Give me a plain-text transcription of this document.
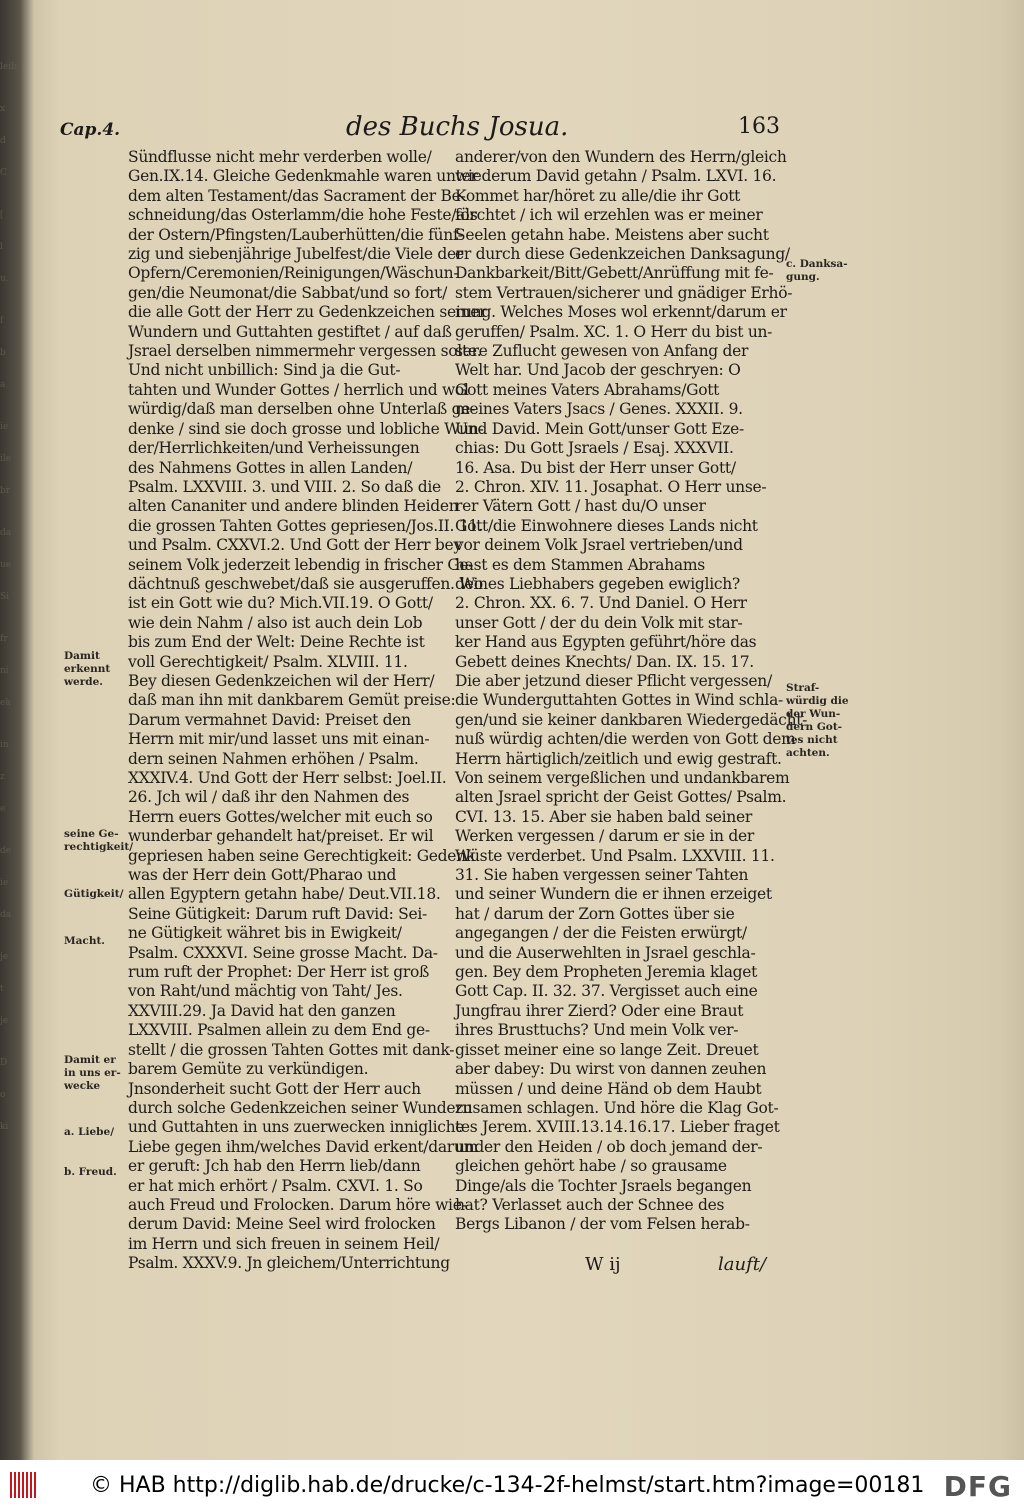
leib
x
d
C
[
l
u.
f
b
a
ie
ile
br
da
ue
Si
fr
ni
ek
in
z
e
de
ie
da
je
t
je
D
o
ki
Cap.4.	des Buchs Josua.	163
Sündflusse nicht mehr verderben wolle/
Gen.IX.14. Gleiche Gedenkmahle waren unter
dem alten Testament/das Sacrament der Be-
schneidung/das Osterlamm/die hohe Feste/als
der Ostern/Pfingsten/Lauberhütten/die fünf-
zig und siebenjährige Jubelfest/die Viele der
Opfern/Ceremonien/Reinigungen/Wäschun-
gen/die Neumonat/die Sabbat/und so fort/
die alle Gott der Herr zu Gedenkzeichen seiner
Wundern und Guttahten gestiftet / auf daß
Jsrael derselben nimmermehr vergessen solte.
Und nicht unbillich: Sind ja die Gut-
tahten und Wunder Gottes / herrlich und wol
würdig/daß man derselben ohne Unterlaß ge-
denke / sind sie doch grosse und lobliche Wun-
der/Herrlichkeiten/und Verheissungen
des Nahmens Gottes in allen Landen/
Psalm. LXXVIII. 3. und VIII. 2. So daß die
alten Cananiter und andere blinden Heiden
die grossen Tahten Gottes gepriesen/Jos.II. 11.
und Psalm. CXXVI.2. Und Gott der Herr bey
seinem Volk jederzeit lebendig in frischer Ge-
dächtnuß geschwebet/daß sie ausgeruffen. Wo
ist ein Gott wie du? Mich.VII.19. O Gott/
wie dein Nahm / also ist auch dein Lob
bis zum End der Welt: Deine Rechte ist
voll Gerechtigkeit/ Psalm. XLVIII. 11.
Bey diesen Gedenkzeichen wil der Herr/
daß man ihn mit dankbarem Gemüt preise:
Darum vermahnet David: Preiset den
Herrn mit mir/und lasset uns mit einan-
dern seinen Nahmen erhöhen / Psalm.
XXXIV.4. Und Gott der Herr selbst: Joel.II.
26. Jch wil / daß ihr den Nahmen des
Herrn euers Gottes/welcher mit euch so
wunderbar gehandelt hat/preiset. Er wil
gepriesen haben seine Gerechtigkeit: Gedenk
was der Herr dein Gott/Pharao und
allen Egyptern getahn habe/ Deut.VII.18.
Seine Gütigkeit: Darum ruft David: Sei-
ne Gütigkeit währet bis in Ewigkeit/
Psalm. CXXXVI. Seine grosse Macht. Da-
rum ruft der Prophet: Der Herr ist groß
von Raht/und mächtig von Taht/ Jes.
XXVIII.29. Ja David hat den ganzen
LXXVIII. Psalmen allein zu dem End ge-
stellt / die grossen Tahten Gottes mit dank-
barem Gemüte zu verkündigen.
Jnsonderheit sucht Gott der Herr auch
durch solche Gedenkzeichen seiner Wundern
und Guttahten in uns zuerwecken innigliche
Liebe gegen ihm/welches David erkent/darum
er geruft: Jch hab den Herrn lieb/dann
er hat mich erhört / Psalm. CXVI. 1. So
auch Freud und Frolocken. Darum höre wie-
derum David: Meine Seel wird frolocken
im Herrn und sich freuen in seinem Heil/
Psalm. XXXV.9. Jn gleichem/Unterrichtung
anderer/von den Wundern des Herrn/gleich
wiederum David getahn / Psalm. LXVI. 16.
Kommet har/höret zu alle/die ihr Gott
förchtet / ich wil erzehlen was er meiner
Seelen getahn habe. Meistens aber sucht
er durch diese Gedenkzeichen Danksagung/
Dankbarkeit/Bitt/Gebett/Anrüffung mit fe-
stem Vertrauen/sicherer und gnädiger Erhö-
rung. Welches Moses wol erkennt/darum er
geruffen/ Psalm. XC. 1. O Herr du bist un-
sere Zuflucht gewesen von Anfang der
Welt har. Und Jacob der geschryen: O
Gott meines Vaters Abrahams/Gott
meines Vaters Jsacs / Genes. XXXII. 9.
Und David. Mein Gott/unser Gott Eze-
chias: Du Gott Jsraels / Esaj. XXXVII.
16. Asa. Du bist der Herr unser Gott/
2. Chron. XIV. 11. Josaphat. O Herr unse-
rer Vätern Gott / hast du/O unser
Gott/die Einwohnere dieses Lands nicht
vor deinem Volk Jsrael vertrieben/und
hast es dem Stammen Abrahams
deines Liebhabers gegeben ewiglich?
2. Chron. XX. 6. 7. Und Daniel. O Herr
unser Gott / der du dein Volk mit star-
ker Hand aus Egypten geführt/höre das
Gebett deines Knechts/ Dan. IX. 15. 17.
Die aber jetzund dieser Pflicht vergessen/
die Wunderguttahten Gottes in Wind schla-
gen/und sie keiner dankbaren Wiedergedächt-
nuß würdig achten/die werden von Gott dem
Herrn härtiglich/zeitlich und ewig gestraft.
Von seinem vergeßlichen und undankbarem
alten Jsrael spricht der Geist Gottes/ Psalm.
CVI. 13. 15. Aber sie haben bald seiner
Werken vergessen / darum er sie in der
Wüste verderbet. Und Psalm. LXXVIII. 11.
31. Sie haben vergessen seiner Tahten
und seiner Wundern die er ihnen erzeiget
hat / darum der Zorn Gottes über sie
angegangen / der die Feisten erwürgt/
und die Auserwehlten in Jsrael geschla-
gen. Bey dem Propheten Jeremia klaget
Gott Cap. II. 32. 37. Vergisset auch eine
Jungfrau ihrer Zierd? Oder eine Braut
ihres Brusttuchs? Und mein Volk ver-
gisset meiner eine so lange Zeit. Dreuet
aber dabey: Du wirst von dannen zeuhen
müssen / und deine Händ ob dem Haubt
zusamen schlagen. Und höre die Klag Got-
tes Jerem. XVIII.13.14.16.17. Lieber fraget
under den Heiden / ob doch jemand der-
gleichen gehört habe / so grausame
Dinge/als die Tochter Jsraels begangen
hat? Verlasset auch der Schnee des
Bergs Libanon / der vom Felsen herab-
Damit
erkennt
werde.
seine Ge-
rechtigkeit/
Gütigkeit/
Macht.
Damit er
in uns er-
wecke
a. Liebe/
b. Freud.
c. Danksa-
gung.
Straf-
würdig die
der Wun-
dern Got-
tes nicht
achten.
W ij	lauft/
© HAB http://diglib.hab.de/drucke/c-134-2f-helmst/start.htm?image=00181 DFG
